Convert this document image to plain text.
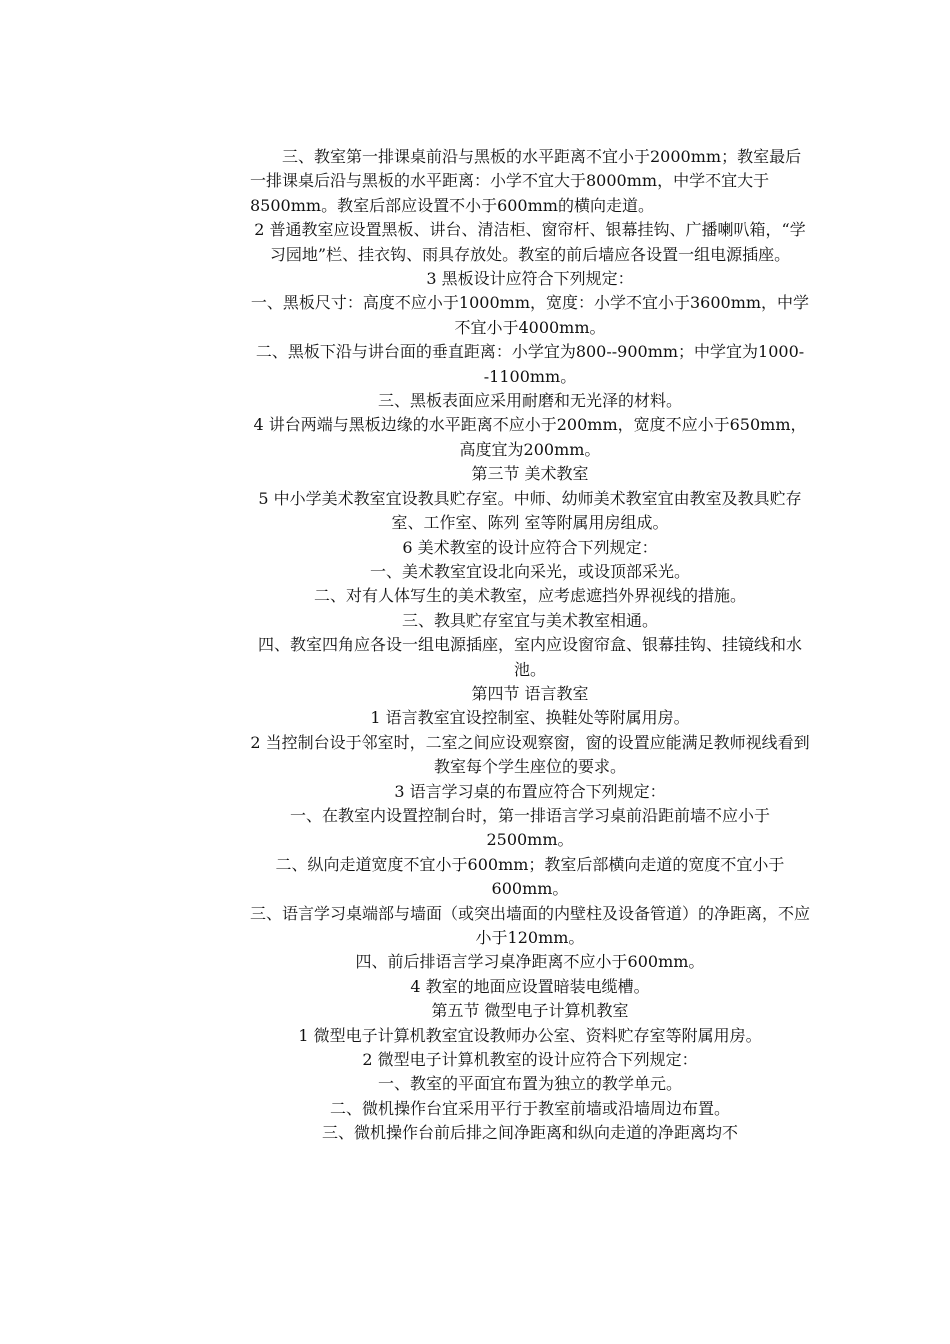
三、教室第一排课桌前沿与黑板的水平距离不宜小于2000mm；教室最后一排课桌后沿与黑板的水平距离：小学不宜大于8000mm，中学不宜大于8500mm。教室后部应设置不小于600mm的横向走道。

2 普通教室应设置黑板、讲台、清洁柜、窗帘杆、银幕挂钩、广播喇叭箱，“学习园地”栏、挂衣钩、雨具存放处。教室的前后墙应各设置一组电源插座。

3 黑板设计应符合下列规定：

一、黑板尺寸：高度不应小于1000mm，宽度：小学不宜小于3600mm，中学不宜小于4000mm。

二、黑板下沿与讲台面的垂直距离：小学宜为800--900mm；中学宜为1000--1100mm。

三、黑板表面应采用耐磨和无光泽的材料。

4 讲台两端与黑板边缘的水平距离不应小于200mm，宽度不应小于650mm，高度宜为200mm。

第三节 美术教室

5 中小学美术教室宜设教具贮存室。中师、幼师美术教室宜由教室及教具贮存室、工作室、陈列 室等附属用房组成。

6 美术教室的设计应符合下列规定：

一、美术教室宜设北向采光，或设顶部采光。

二、对有人体写生的美术教室，应考虑遮挡外界视线的措施。

三、教具贮存室宜与美术教室相通。

四、教室四角应各设一组电源插座，室内应设窗帘盒、银幕挂钩、挂镜线和水池。

第四节 语言教室

1 语言教室宜设控制室、换鞋处等附属用房。

2 当控制台设于邻室时，二室之间应设观察窗，窗的设置应能满足教师视线看到教室每个学生座位的要求。

3 语言学习桌的布置应符合下列规定：

一、在教室内设置控制台时，第一排语言学习桌前沿距前墙不应小于2500mm。

二、纵向走道宽度不宜小于600mm；教室后部横向走道的宽度不宜小于600mm。

三、语言学习桌端部与墙面（或突出墙面的内壁柱及设备管道）的净距离，不应小于120mm。

四、前后排语言学习桌净距离不应小于600mm。

4 教室的地面应设置暗装电缆槽。

第五节 微型电子计算机教室

1 微型电子计算机教室宜设教师办公室、资料贮存室等附属用房。

2 微型电子计算机教室的设计应符合下列规定：

一、教室的平面宜布置为独立的教学单元。

二、微机操作台宜采用平行于教室前墙或沿墙周边布置。

三、微机操作台前后排之间净距离和纵向走道的净距离均不
